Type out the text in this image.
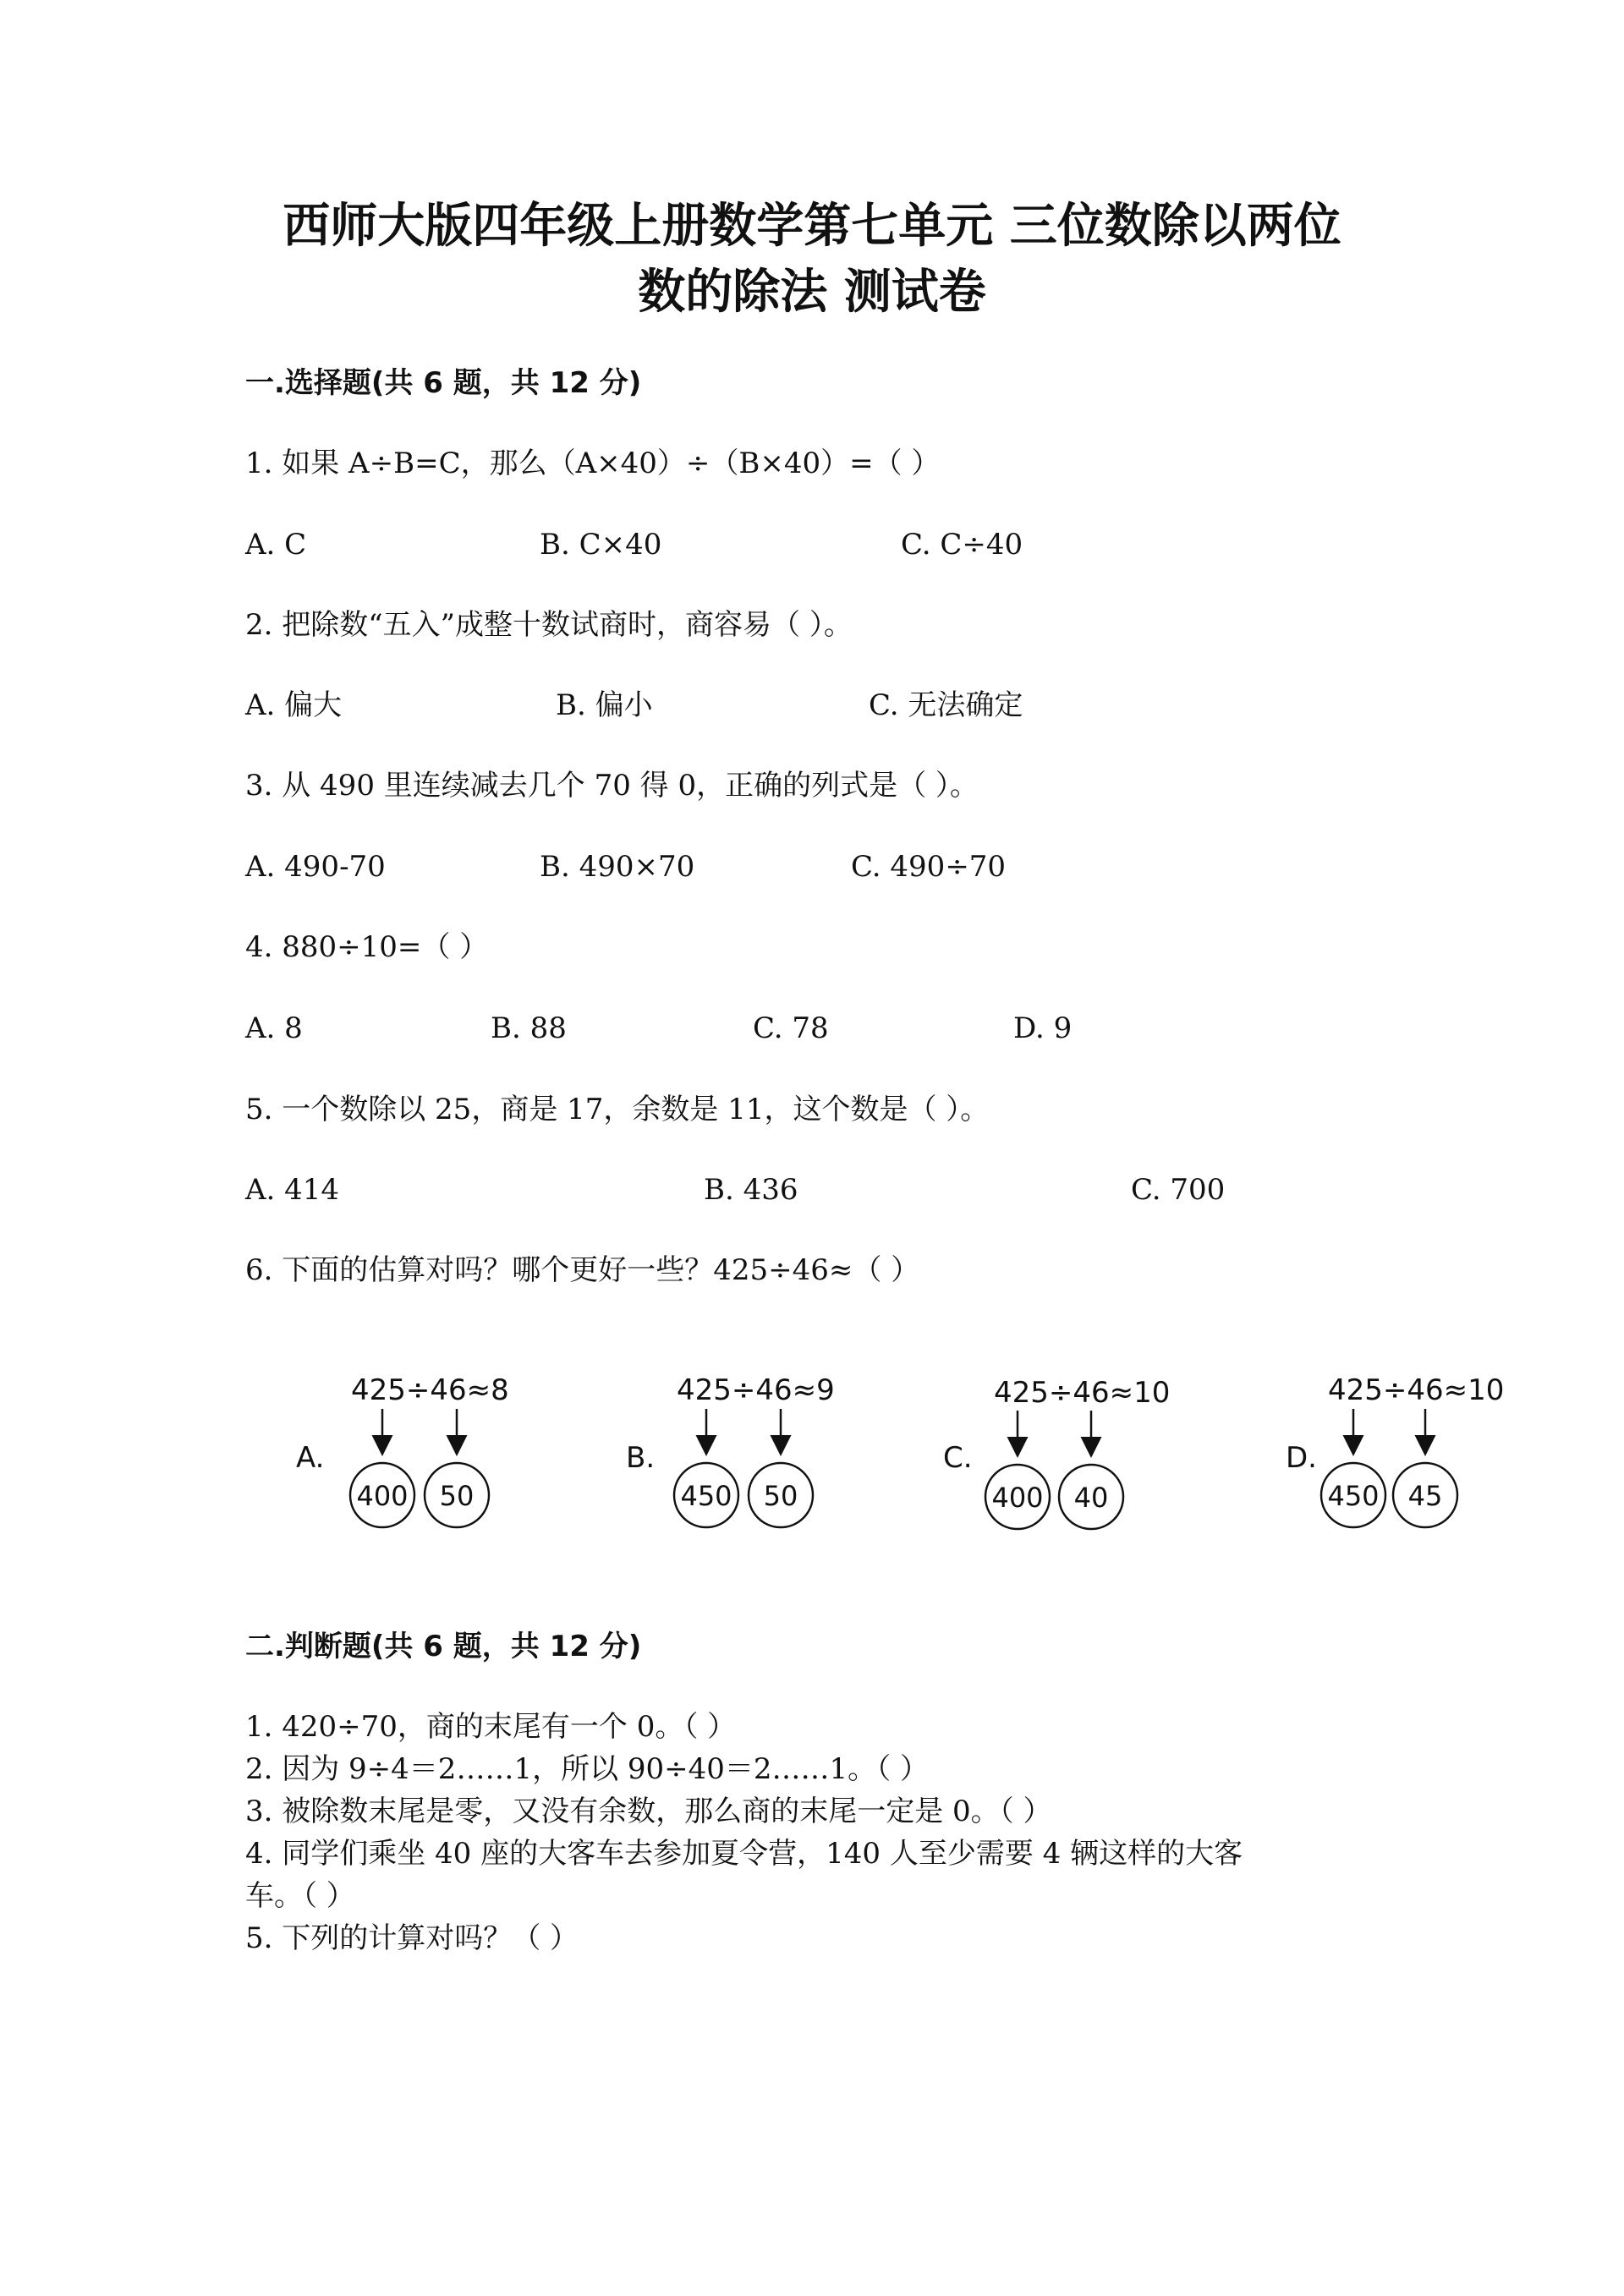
西师大版四年级上册数学第七单元 三位数除以两位
数的除法 测试卷
一.选择题(共 6 题，共 12 分)
1. 如果 A÷B=C，那么（A×40）÷（B×40）=（ ）
A. C	B. C×40	C. C÷40
2. 把除数“五入”成整十数试商时，商容易（ ）。
A. 偏大	B. 偏小	C. 无法确定
3. 从 490 里连续减去几个 70 得 0，正确的列式是（ ）。
A. 490-70	B. 490×70	C. 490÷70
4. 880÷10=（ ）
A. 8	B. 88	C. 78	D. 9
5. 一个数除以 25，商是 17，余数是 11，这个数是（ ）。
A. 414	B. 436	C. 700
6. 下面的估算对吗？哪个更好一些？425÷46≈（ ）
A.
425÷46≈8
400 50
B.
425÷46≈9
450 50
C.
425÷46≈10
400 40
D.
425÷46≈10
450 45
二.判断题(共 6 题，共 12 分)
1. 420÷70，商的末尾有一个 0。（ ）
2. 因为 9÷4＝2……1，所以 90÷40＝2……1。（ ）
3. 被除数末尾是零，又没有余数，那么商的末尾一定是 0。（ ）
4. 同学们乘坐 40 座的大客车去参加夏令营，140 人至少需要 4 辆这样的大客
车。（ ）
5. 下列的计算对吗？（ ）
